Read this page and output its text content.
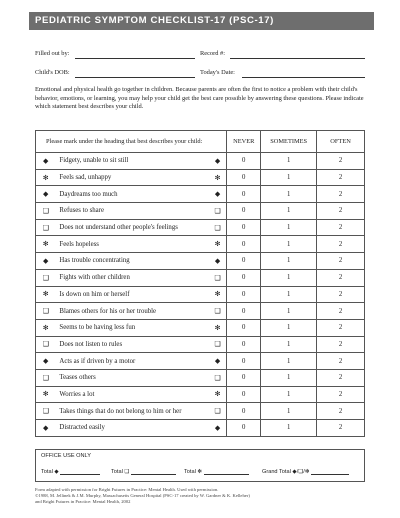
PEDIATRIC SYMPTOM CHECKLIST-17 (PSC-17)
Filled out by:	Record #:
Child's DOB:	Today's Date:
Emotional and physical health go together in children. Because parents are often the first to notice a problem with their child's behavior, emotions, or learning, you may help your child get the best care possible by answering these questions. Please indicate which statement best describes your child.
Please mark under the heading that best describes your child:			NEVER	SOMETIMES	OFTEN
◆	Fidgety, unable to sit still	◆	0	1	2
✻	Feels sad, unhappy	✻	0	1	2
◆	Daydreams too much	◆	0	1	2
❑	Refuses to share	❑	0	1	2
❑	Does not understand other people's feelings	❑	0	1	2
✻	Feels hopeless	✻	0	1	2
◆	Has trouble concentrating	◆	0	1	2
❑	Fights with other children	❑	0	1	2
✻	Is down on him or herself	✻	0	1	2
❑	Blames others for his or her trouble	❑	0	1	2
✻	Seems to be having less fun	✻	0	1	2
❑	Does not listen to rules	❑	0	1	2
◆	Acts as if driven by a motor	◆	0	1	2
❑	Teases others	❑	0	1	2
✻	Worries a lot	✻	0	1	2
❑	Takes things that do not belong to him or her	❑	0	1	2
◆	Distracted easily	◆	0	1	2
OFFICE USE ONLY
Total ◆	Total ❑	Total ✻	Grand Total ◆/❑/✻
Form adapted with permission for Bright Futures in Practice: Mental Health. Used with permission.
©1988, M. Jellinek & J.M. Murphy, Massachusetts General Hospital (PSC-17 created by W. Gardner & K. Kelleher)
and Bright Futures in Practice: Mental Health, 2002
